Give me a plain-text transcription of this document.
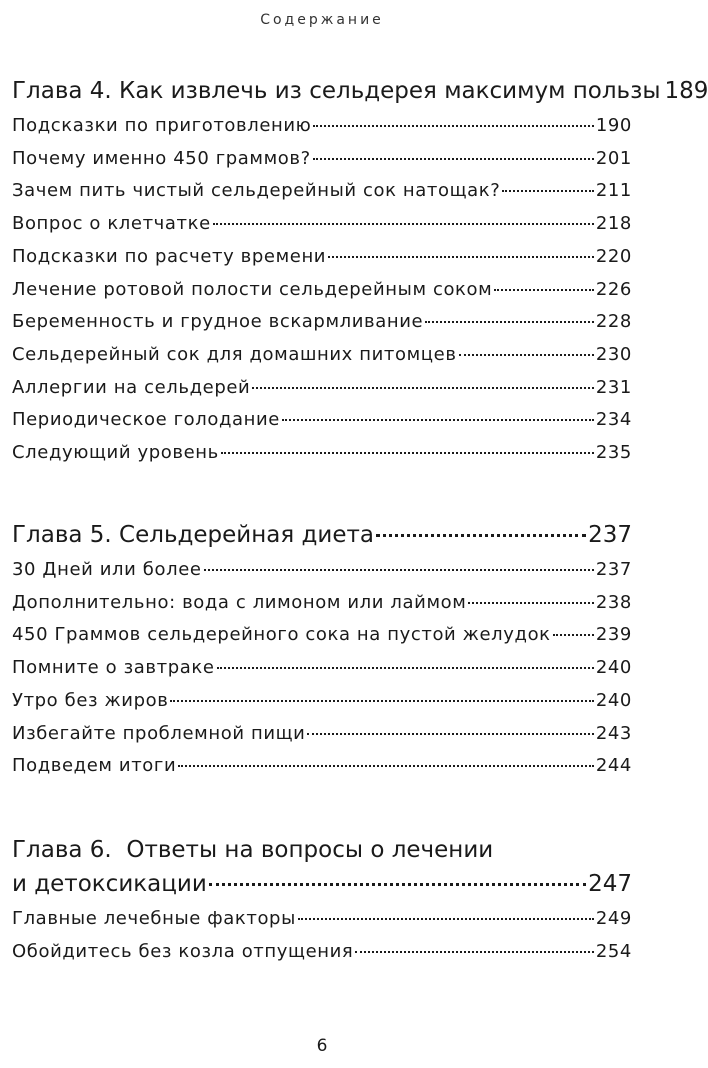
Содержание
Глава 4. Как извлечь из сельдерея максимум пользы 189
Подсказки по приготовлению	190
Почему именно 450 граммов?	201
Зачем пить чистый сельдерейный сок натощак?	211
Вопрос о клетчатке	218
Подсказки по расчету времени	220
Лечение ротовой полости сельдерейным соком	226
Беременность и грудное вскармливание	228
Сельдерейный сок для домашних питомцев	230
Аллергии на сельдерей	231
Периодическое голодание	234
Следующий уровень	235
Глава 5. Сельдерейная диета	237
30 Дней или более	237
Дополнительно: вода с лимоном или лаймом	238
450 Граммов сельдерейного сока на пустой желудок	239
Помните о завтраке	240
Утро без жиров	240
Избегайте проблемной пищи	243
Подведем итоги	244
Глава 6.  Ответы на вопросы о лечении
и детоксикации	247
Главные лечебные факторы	249
Обойдитесь без козла отпущения	254
6
